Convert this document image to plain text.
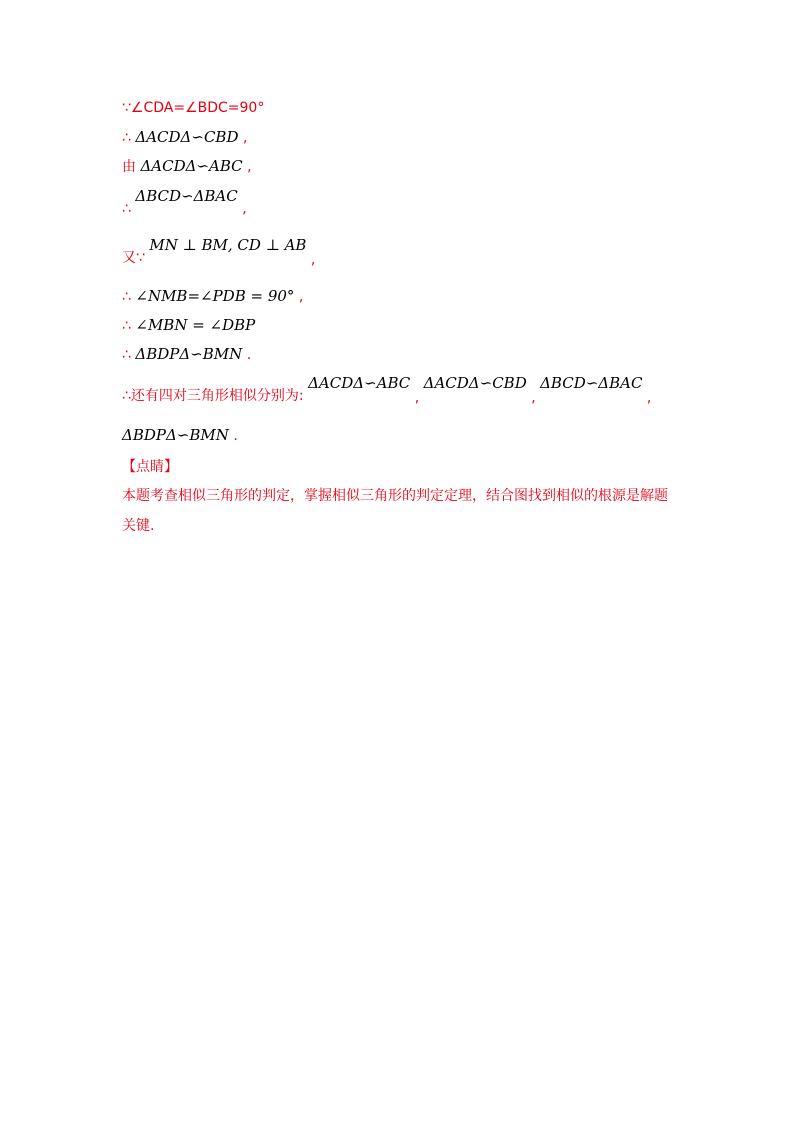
∵∠CDA=∠BDC=90°
∴ ΔACDΔ∽CBD ,
由 ΔACDΔ∽ABC ,
∴ ΔBCD∽ΔBAC ,
又∵ MN ⊥ BM, CD ⊥ AB ,
∴ ∠NMB=∠PDB = 90° ,
∴ ∠MBN = ∠DBP
∴ ΔBDPΔ∽BMN .
∴还有四对三角形相似分别为: ΔACDΔ∽ABC , ΔACDΔ∽CBD , ΔBCD∽ΔBAC ,
ΔBDPΔ∽BMN .
【点睛】
本题考查相似三角形的判定，掌握相似三角形的判定定理，结合图找到相似的根源是解题
关键.
